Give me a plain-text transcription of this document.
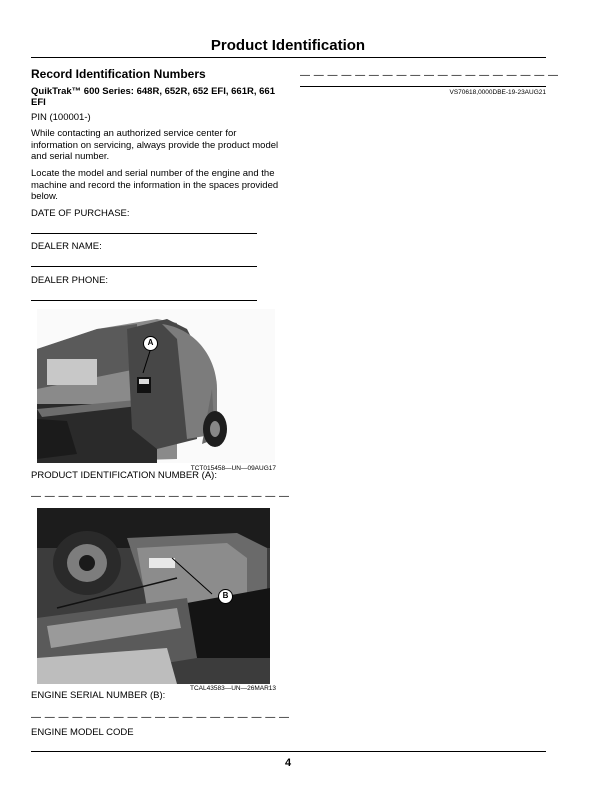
Product Identification
Record Identification Numbers
QuikTrak™ 600 Series: 648R, 652R, 652 EFI, 661R, 661 EFI
PIN (100001-)
While contacting an authorized service center for information on servicing, always provide the product model and serial number.
Locate the model and serial number of the engine and the machine and record the information in the spaces provided below.
DATE OF PURCHASE:
DEALER NAME:
DEALER PHONE:
A
TCT015458—UN—09AUG17
PRODUCT IDENTIFICATION NUMBER (A):
— — — — — — — — — — — — — — — — — — —
B
TCAL43583—UN—26MAR13
ENGINE SERIAL NUMBER (B):
— — — — — — — — — — — — — — — — — — —
ENGINE MODEL CODE
— — — — — — — — — — — — — — — — — — —
VS70618,0000DBE-19-23AUG21
4
